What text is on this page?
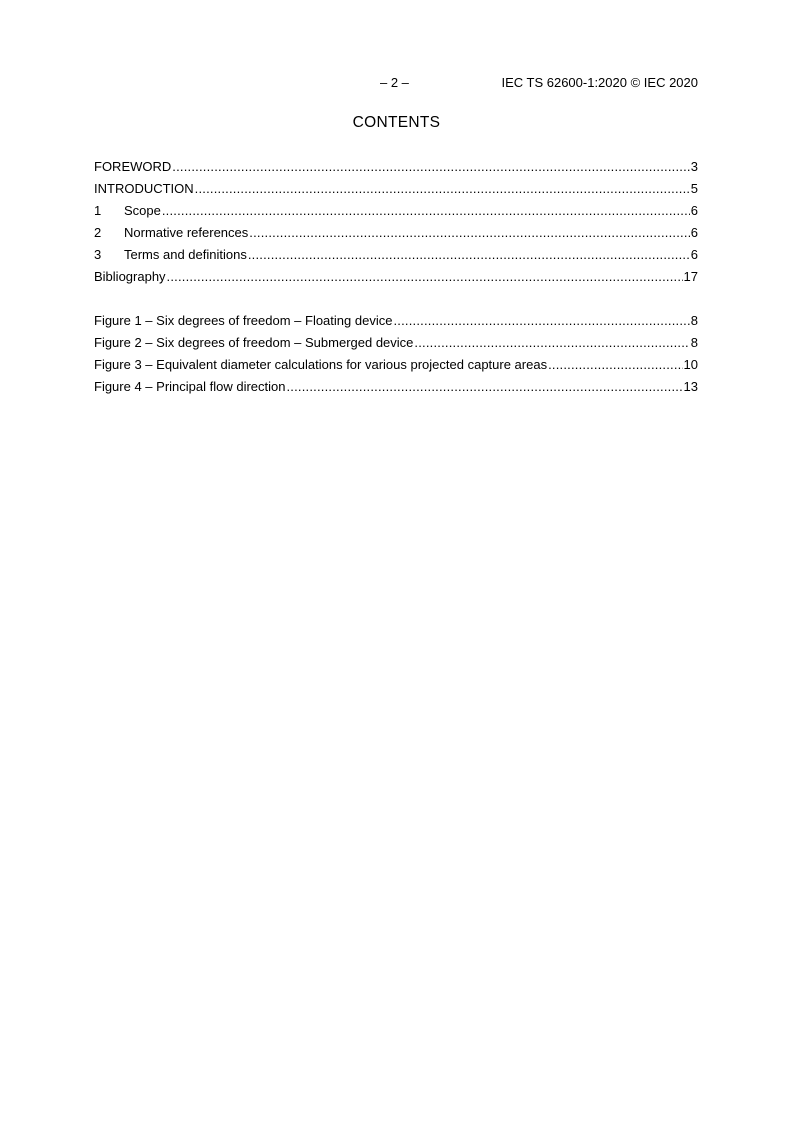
– 2 –	IEC TS 62600-1:2020 © IEC 2020
CONTENTS
FOREWORD .....	3
INTRODUCTION .....	5
1	Scope .....	6
2	Normative references .....	6
3	Terms and definitions .....	6
Bibliography .....	17
Figure 1 – Six degrees of freedom – Floating device .....	8
Figure 2 – Six degrees of freedom – Submerged device .....	8
Figure 3 – Equivalent diameter calculations for various projected capture areas .....	10
Figure 4 – Principal flow direction .....	13
